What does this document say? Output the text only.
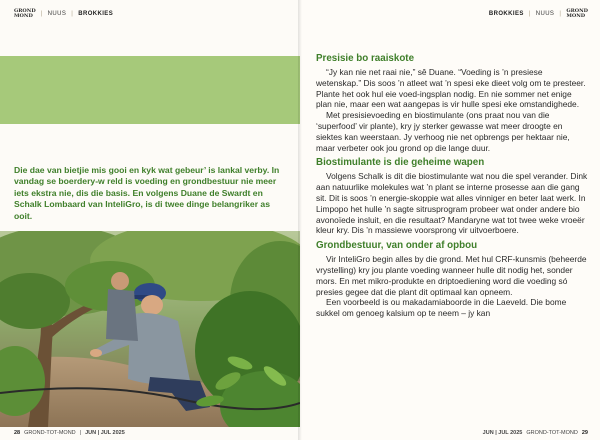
GROND
MOND	| NUUS | BROKKIES

Die dae van bietjie mis gooi en kyk wat gebeur’ is lankal verby. In vandag se boerdery-w reld is voeding en grondbestuur nie meer iets ekstra nie, dis die basis. En volgens Duane de Swardt en Schalk Lombaard van InteliGro, is di twee dinge belangriker as ooit.

28 GROND-TOT-MOND | JUN | JUL 2025
BROKKIES | NUUS | GROND
MOND
Presisie bo raaiskote

“Jy kan nie net raai nie,” sê Duane. “Voeding is ’n presiese wetenskap.” Dis soos ’n atleet wat ’n spesi eke dieet volg om te presteer. Plante het ook hul eie voed-ingsplan nodig. En nie sommer net enige plan nie, maar een wat aangepas is vir hulle spesi eke omstandighede.

Met presisievoeding en biostimulante (ons praat nou van die ‘superfood’ vir plante), kry jy sterker gewasse wat meer droogte en siektes kan weerstaan. Jy verhoog nie net opbrengs per hektaar nie, maar verbeter ook jou grond op die lange duur.

Biostimulante is die geheime wapen

Volgens Schalk is dit die biostimulante wat nou die spel verander. Dink aan natuurlike molekules wat ’n plant se interne prosesse aan die gang sit. Dit is soos ’n energie-skoppie wat alles vinniger en beter laat werk. In Limpopo het hulle ’n sagte sitrusprogram probeer wat onder andere bio avonoïede insluit, en die resultaat? Mandaryne wat tot twee weke vroeër kleur kry. Dis ’n massiewe voorsprong vir uitvoerboere.

Grondbestuur, van onder af opbou

Vir InteliGro begin alles by die grond. Met hul CRF-kunsmis (beheerde vrystelling) kry jou plante voeding wanneer hulle dit nodig het, sonder mors. En met mikro-produkte en driptoediening word die voeding só presies gegee dat die plant dit optimaal kan opneem.

Een voorbeeld is ou makadamiaboorde in die Laeveld. Die bome sukkel om genoeg kalsium op te neem – jy kan

JUN | JUL 2025 GROND-TOT-MOND 29
